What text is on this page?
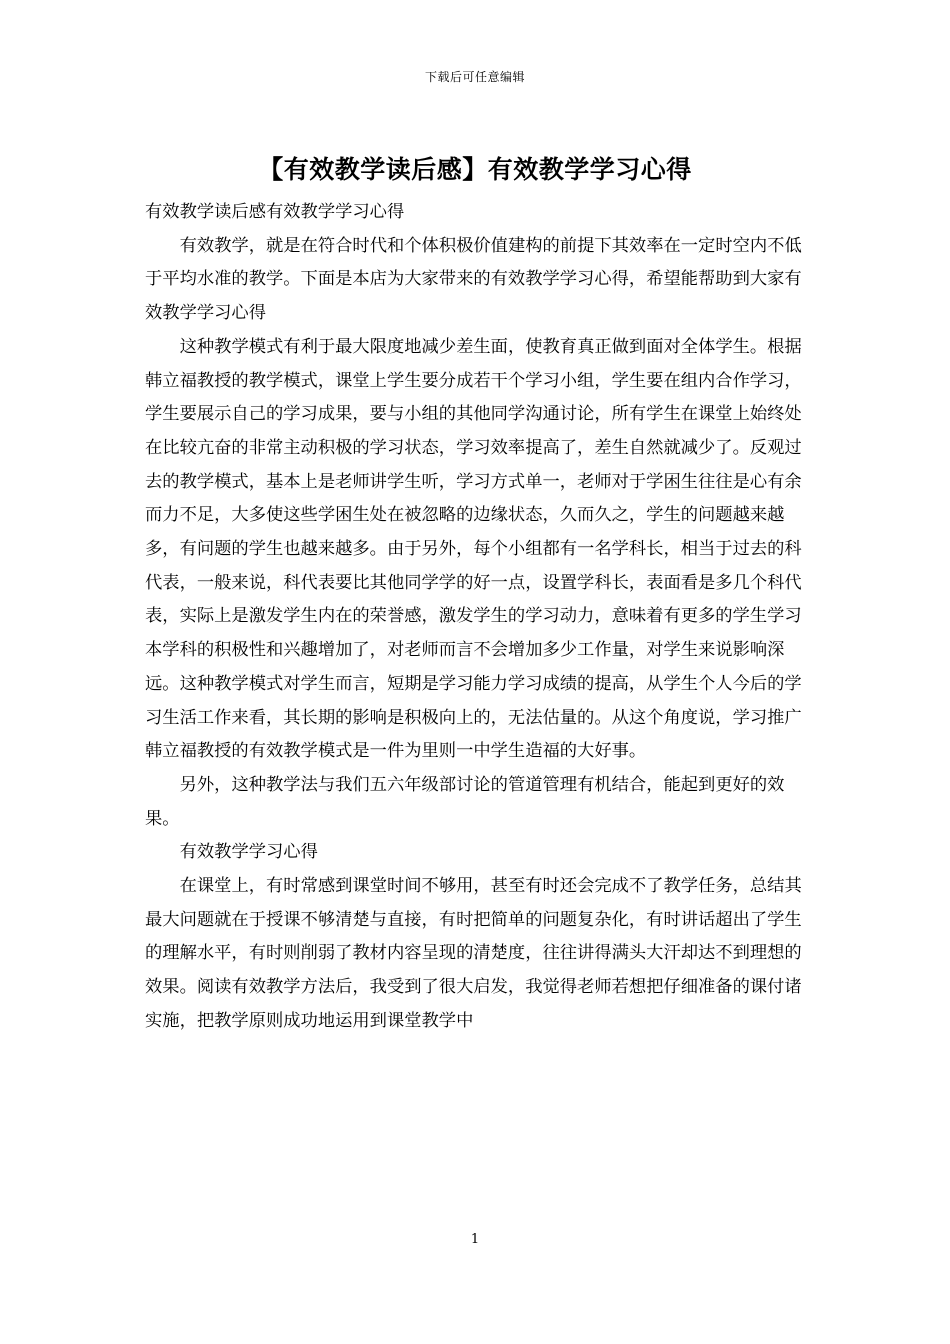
下载后可任意编辑
【有效教学读后感】有效教学学习心得

有效教学读后感有效教学学习心得

有效教学，就是在符合时代和个体积极价值建构的前提下其效率在一定时空内不低于平均水准的教学。下面是本店为大家带来的有效教学学习心得，希望能帮助到大家有效教学学习心得

这种教学模式有利于最大限度地减少差生面，使教育真正做到面对全体学生。根据韩立福教授的教学模式，课堂上学生要分成若干个学习小组，学生要在组内合作学习，学生要展示自己的学习成果，要与小组的其他同学沟通讨论，所有学生在课堂上始终处在比较亢奋的非常主动积极的学习状态，学习效率提高了，差生自然就减少了。反观过去的教学模式，基本上是老师讲学生听，学习方式单一，老师对于学困生往往是心有余而力不足，大多使这些学困生处在被忽略的边缘状态，久而久之，学生的问题越来越多，有问题的学生也越来越多。由于另外，每个小组都有一名学科长，相当于过去的科代表，一般来说，科代表要比其他同学学的好一点，设置学科长，表面看是多几个科代表，实际上是激发学生内在的荣誉感，激发学生的学习动力，意味着有更多的学生学习本学科的积极性和兴趣增加了，对老师而言不会增加多少工作量，对学生来说影响深远。这种教学模式对学生而言，短期是学习能力学习成绩的提高，从学生个人今后的学习生活工作来看，其长期的影响是积极向上的，无法估量的。从这个角度说，学习推广韩立福教授的有效教学模式是一件为里则一中学生造福的大好事。

另外，这种教学法与我们五六年级部讨论的管道管理有机结合，能起到更好的效果。

有效教学学习心得

在课堂上，有时常感到课堂时间不够用，甚至有时还会完成不了教学任务，总结其最大问题就在于授课不够清楚与直接，有时把简单的问题复杂化，有时讲话超出了学生的理解水平，有时则削弱了教材内容呈现的清楚度，往往讲得满头大汗却达不到理想的效果。阅读有效教学方法后，我受到了很大启发，我觉得老师若想把仔细准备的课付诸实施，把教学原则成功地运用到课堂教学中

1
